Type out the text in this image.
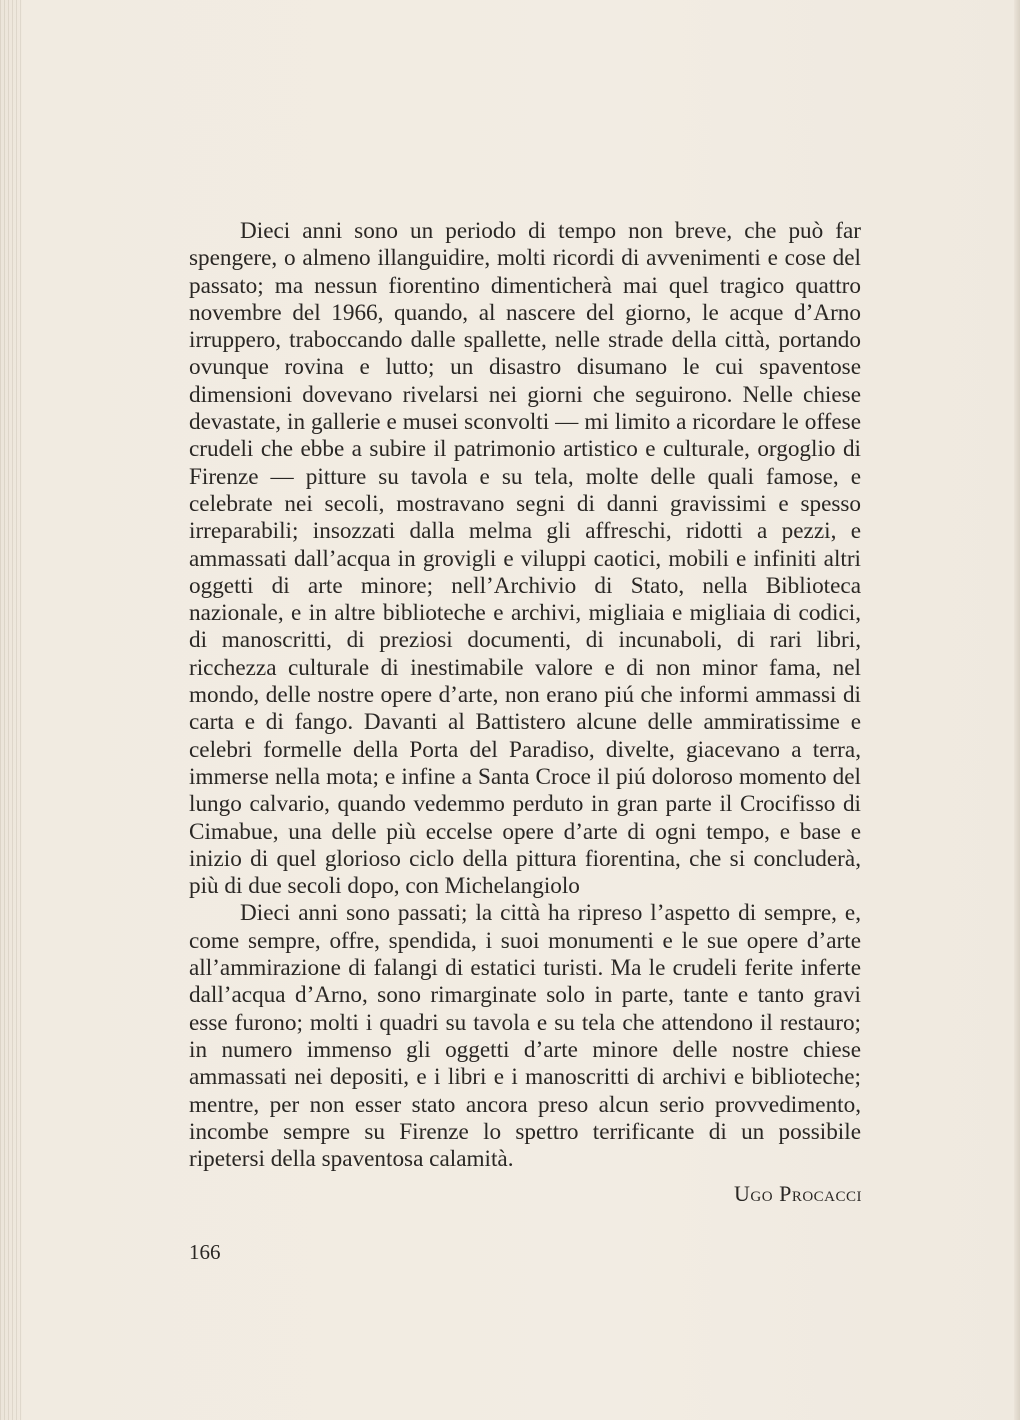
Dieci anni sono un periodo di tempo non breve, che può far spengere, o almeno illanguidire, molti ricordi di avvenimenti e cose del passato; ma nessun fiorentino dimenticherà mai quel tragico quattro novembre del 1966, quando, al nascere del giorno, le acque d’Arno irruppero, traboccando dalle spallette, nelle strade della città, portando ovunque rovina e lutto; un disastro disumano le cui spaventose dimensioni dovevano rivelarsi nei giorni che seguirono. Nelle chiese devastate, in gallerie e musei sconvolti — mi limito a ricordare le offese crudeli che ebbe a subire il patrimonio artistico e culturale, orgoglio di Firenze — pitture su tavola e su tela, molte delle quali famose, e celebrate nei secoli, mostravano segni di danni gravissimi e spesso irreparabili; insozzati dalla melma gli affreschi, ridotti a pezzi, e ammassati dall’acqua in grovigli e viluppi caotici, mobili e infiniti altri oggetti di arte minore; nell’Archivio di Stato, nella Biblioteca nazionale, e in altre biblioteche e archivi, migliaia e migliaia di codici, di manoscritti, di preziosi documenti, di incunaboli, di rari libri, ricchezza culturale di inestimabile valore e di non minor fama, nel mondo, delle nostre opere d’arte, non erano piú che informi ammassi di carta e di fango. Davanti al Battistero alcune delle ammiratissime e celebri formelle della Porta del Paradiso, divelte, giacevano a terra, immerse nella mota; e infine a Santa Croce il piú doloroso momento del lungo calvario, quando vedemmo perduto in gran parte il Crocifisso di Cimabue, una delle più eccelse opere d’arte di ogni tempo, e base e inizio di quel glorioso ciclo della pittura fiorentina, che si concluderà, più di due secoli dopo, con Michelangiolo

Dieci anni sono passati; la città ha ripreso l’aspetto di sempre, e, come sempre, offre, spendida, i suoi monumenti e le sue opere d’arte all’ammirazione di falangi di estatici turisti. Ma le crudeli ferite inferte dall’acqua d’Arno, sono rimarginate solo in parte, tante e tanto gravi esse furono; molti i quadri su tavola e su tela che attendono il restauro; in numero immenso gli oggetti d’arte minore delle nostre chiese ammassati nei depositi, e i libri e i manoscritti di archivi e biblioteche; mentre, per non esser stato ancora preso alcun serio provvedimento, incombe sempre su Firenze lo spettro terrificante di un possibile ripetersi della spaventosa calamità.

Ugo Procacci
166
